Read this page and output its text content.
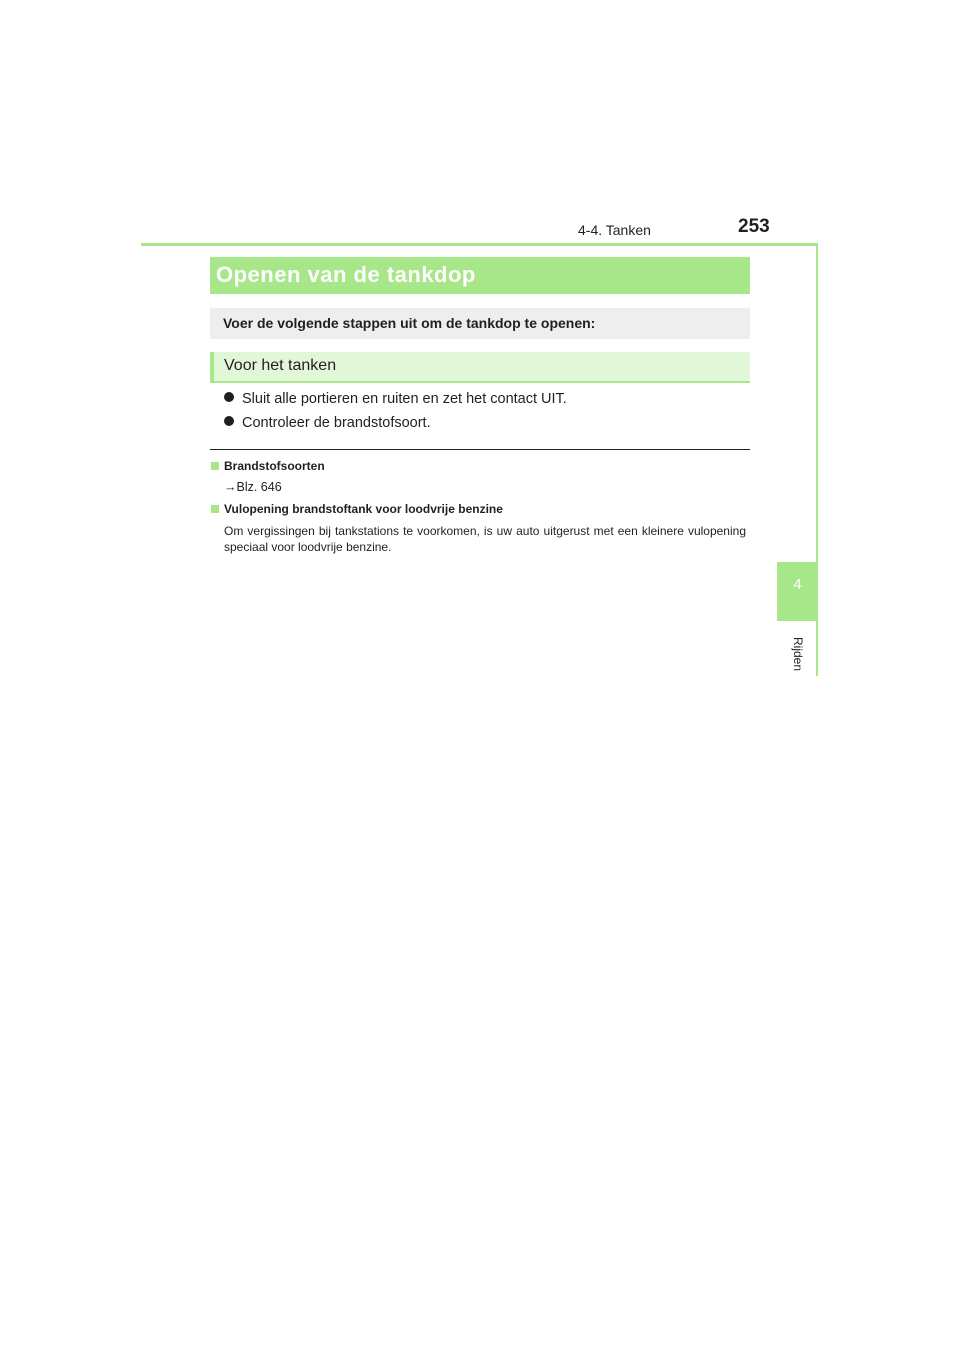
4-4. Tanken	253
4
Rijden
Openen van de tankdop
Voer de volgende stappen uit om de tankdop te openen:
Voor het tanken
Sluit alle portieren en ruiten en zet het contact UIT.
Controleer de brandstofsoort.
Brandstofsoorten
→Blz. 646
Vulopening brandstoftank voor loodvrije benzine
Om vergissingen bij tankstations te voorkomen, is uw auto uitgerust met een kleinere vulopening speciaal voor loodvrije benzine.
